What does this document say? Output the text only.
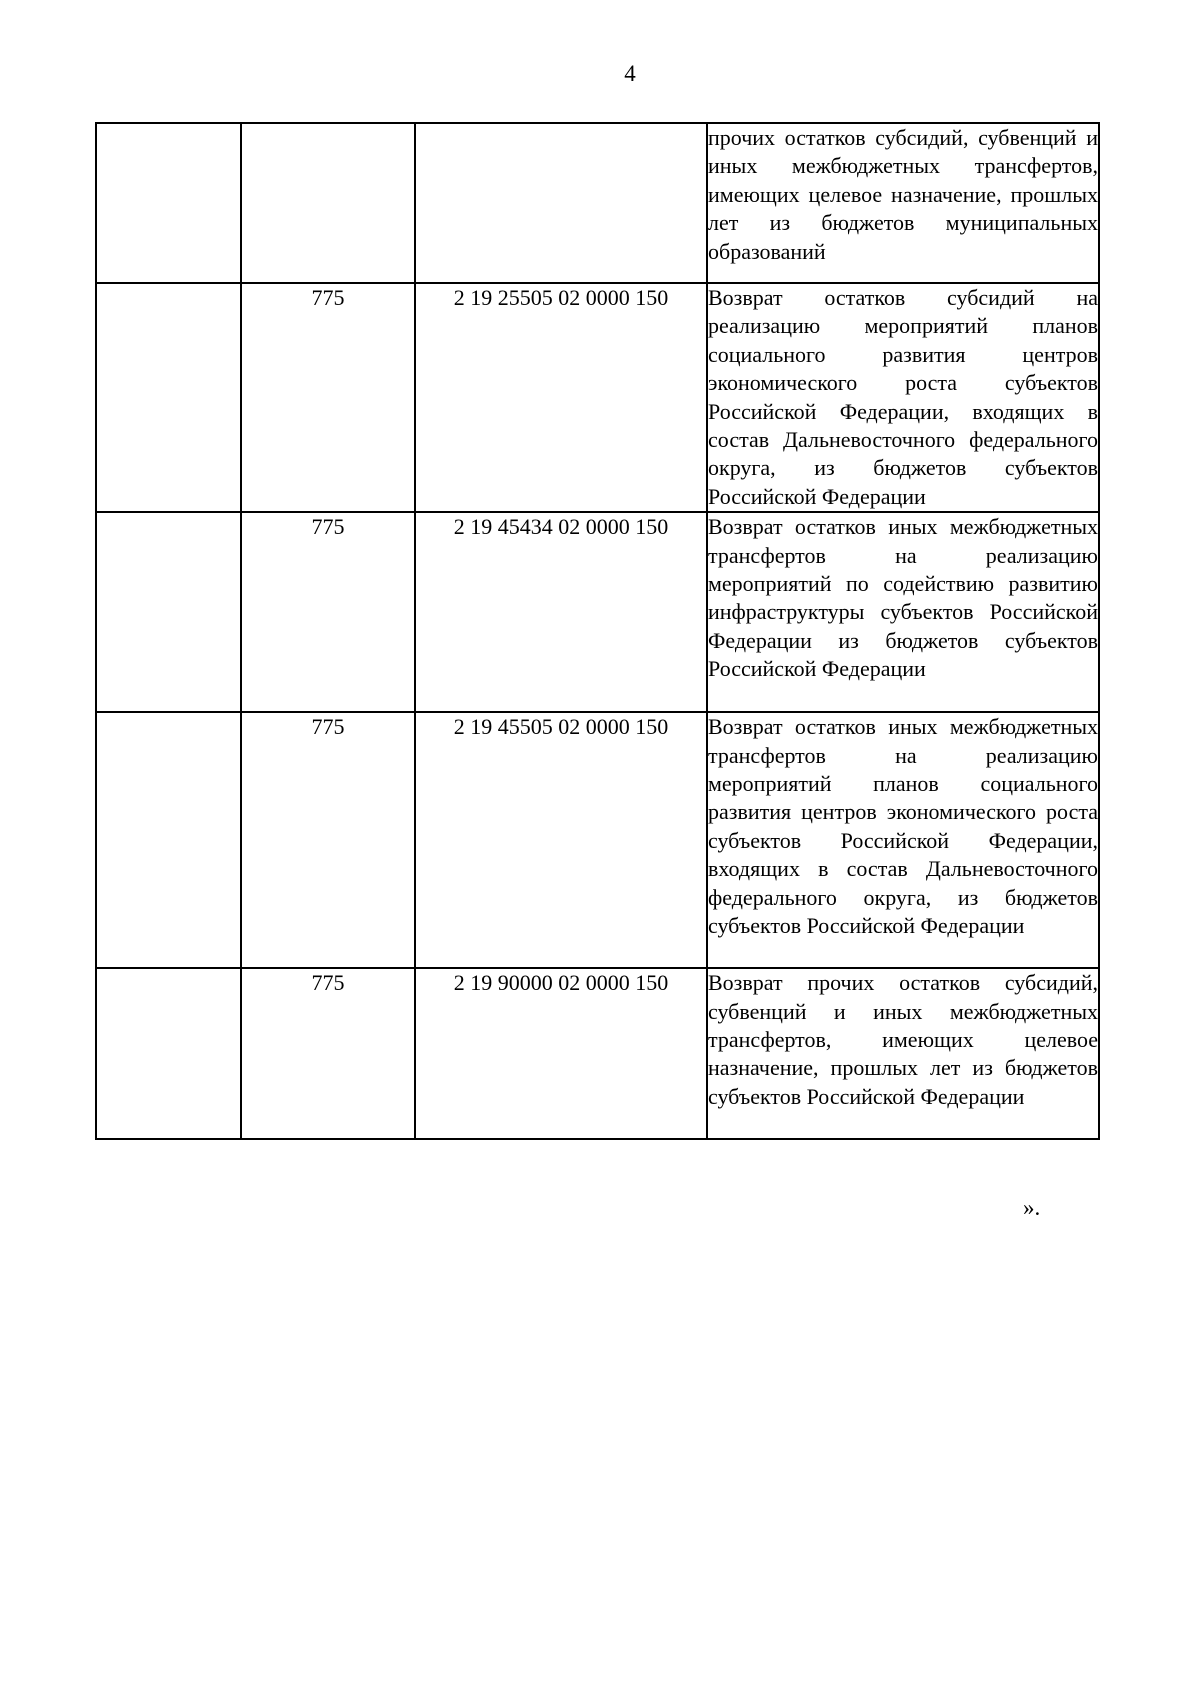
4
			прочих остатков субсидий, субвенций и иных межбюджетных трансфертов, имеющих целевое назначение, прошлых лет из бюджетов муниципальных образований
	775	2 19 25505 02 0000 150	Возврат остатков субсидий на реализацию мероприятий планов социального развития центров экономического роста субъектов Российской Федерации, входящих в состав Дальневосточного федерального округа, из бюджетов субъектов Российской Федерации
	775	2 19 45434 02 0000 150	Возврат остатков иных межбюджетных трансфертов на реализацию мероприятий по содействию развитию инфраструктуры субъектов Российской Федерации из бюджетов субъектов Российской Федерации
	775	2 19 45505 02 0000 150	Возврат остатков иных межбюджетных трансфертов на реализацию мероприятий планов социального развития центров экономического роста субъектов Российской Федерации, входящих в состав Дальневосточного федерального округа, из бюджетов субъектов Российской Федерации
	775	2 19 90000 02 0000 150	Возврат прочих остатков субсидий, субвенций и иных межбюджетных трансфертов, имеющих целевое назначение, прошлых лет из бюджетов субъектов Российской Федерации
».
